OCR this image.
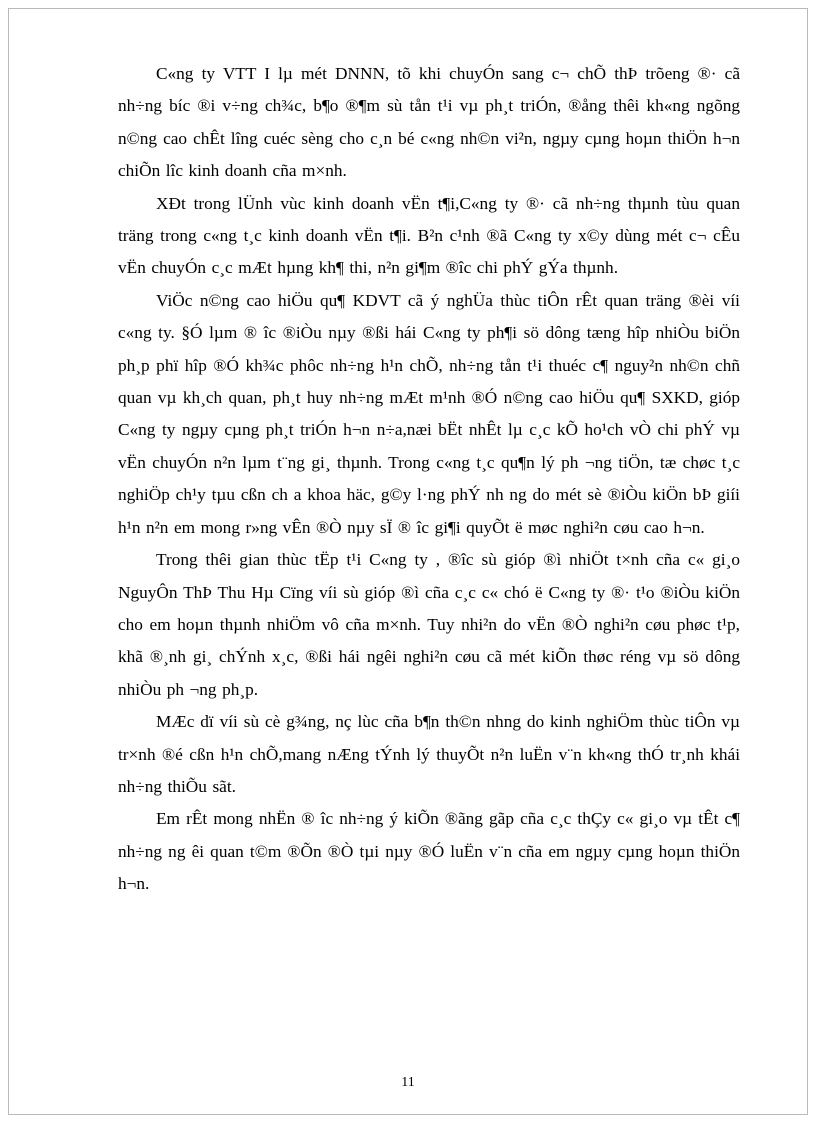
C«ng ty VTT I lµ mét DNNN, tõ khi chuyÓn sang c¬ chÕ thÞ trõeng ®· cã nh÷ng bíc ®i v÷ng ch¾c, b¶o ®¶m sù tån t¹i vµ ph¸t triÓn, ®ång thêi kh«ng ngõng n©ng cao chÊt lîng cuéc sèng cho c¸n bé c«ng nh©n vi²n, ngµy cµng hoµn thiÖn h¬n chiÕn lîc kinh doanh cña m×nh.

XÐt trong lÜnh vùc kinh doanh vËn t¶i,C«ng ty ®· cã nh÷ng thµnh tùu quan träng trong c«ng t¸c kinh doanh vËn t¶i. B²n c¹nh ®ã C«ng ty x©y dùng mét c¬ cÊu vËn chuyÓn c¸c mÆt hµng kh¶ thi, n²n gi¶m ®îc chi phÝ gÝa thµnh.

ViÖc n©ng cao hiÖu qu¶ KDVT cã ý nghÜa thùc tiÔn rÊt quan träng ®èi víi c«ng ty. §Ó lµm ® îc ®iÒu nµy ®ßi hái C«ng ty ph¶i sö dông tæng hîp nhiÒu biÖn ph¸p phï hîp ®Ó kh¾c phôc nh÷ng h¹n chÕ, nh÷ng tån t¹i thuéc c¶ nguy²n nh©n chñ quan vµ kh¸ch quan, ph¸t huy nh÷ng mÆt m¹nh ®Ó n©ng cao hiÖu qu¶ SXKD, gióp C«ng ty ngµy cµng ph¸t triÓn h¬n n÷a,næi bËt nhÊt lµ c¸c kÕ ho¹ch vÒ chi phÝ vµ vËn chuyÓn n²n lµm t¨ng gi¸ thµnh. Trong c«ng t¸c qu¶n lý ph ¬ng tiÖn, tæ chøc t¸c nghiÖp ch¹y tµu cßn ch a khoa häc, g©y l·ng phÝ nh ng do mét sè ®iÒu kiÖn bÞ giíi h¹n n²n em mong r»ng vÊn ®Ò nµy sÏ ® îc gi¶i quyÕt ë møc nghi²n cøu cao h¬n.

Trong thêi gian thùc tËp t¹i C«ng ty , ®îc sù gióp ®ì nhiÖt t×nh cña c« gi¸o NguyÔn ThÞ Thu Hµ Cïng víi sù gióp ®ì cña c¸c c« chó ë C«ng ty ®· t¹o ®iÒu kiÖn cho em hoµn thµnh nhiÖm vô cña m×nh. Tuy nhi²n do vËn ®Ò nghi²n cøu phøc t¹p, khã ®¸nh gi¸ chÝnh x¸c, ®ßi hái ngêi nghi²n cøu cã mét kiÕn thøc réng vµ sö dông nhiÒu ph ¬ng ph¸p.

MÆc dï víi sù cè g¾ng, nç lùc cña b¶n th©n nhng do kinh nghiÖm thùc tiÔn vµ tr×nh ®é cßn h¹n chÕ,mang nÆng tÝnh lý thuyÕt n²n luËn v¨n kh«ng thÓ tr¸nh khái nh÷ng thiÕu sãt.

Em rÊt mong nhËn ® îc nh÷ng ý kiÕn ®ãng gãp cña c¸c thÇy c« gi¸o vµ tÊt c¶ nh÷ng ng êi quan t©m ®Õn ®Ò tµi nµy ®Ó luËn v¨n cña em ngµy cµng hoµn thiÖn h¬n.

11
